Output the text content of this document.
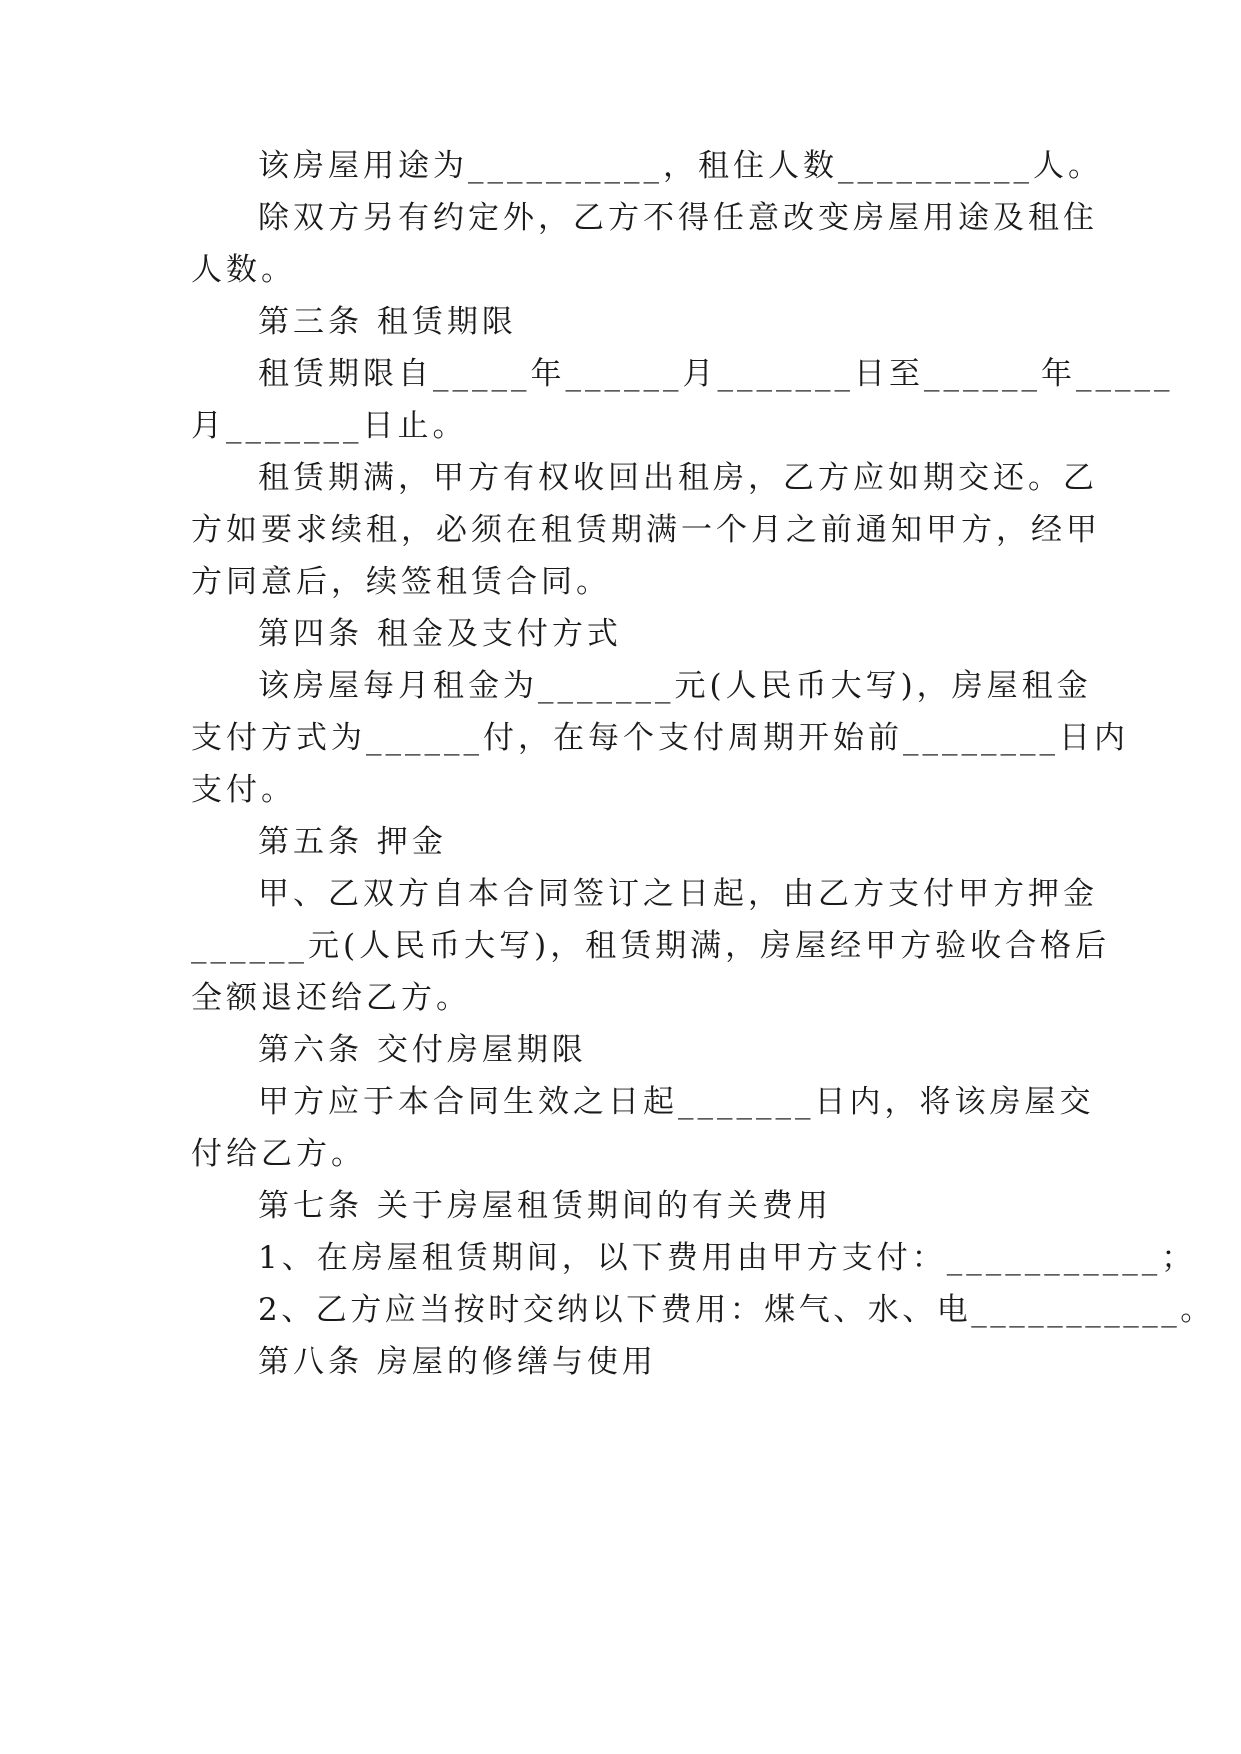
该房屋用途为__________，租住人数__________人。
除双方另有约定外，乙方不得任意改变房屋用途及租住
人数。
第三条 租赁期限
租赁期限自_____年______月_______日至______年_____
月_______日止。
租赁期满，甲方有权收回出租房，乙方应如期交还。乙
方如要求续租，必须在租赁期满一个月之前通知甲方，经甲
方同意后，续签租赁合同。
第四条 租金及支付方式
该房屋每月租金为_______元(人民币大写)，房屋租金
支付方式为______付，在每个支付周期开始前________日内
支付。
第五条 押金
甲、乙双方自本合同签订之日起，由乙方支付甲方押金
______元(人民币大写)，租赁期满，房屋经甲方验收合格后
全额退还给乙方。
第六条 交付房屋期限
甲方应于本合同生效之日起_______日内，将该房屋交
付给乙方。
第七条 关于房屋租赁期间的有关费用
1、在房屋租赁期间，以下费用由甲方支付：___________；
2、乙方应当按时交纳以下费用：煤气、水、电___________。
第八条 房屋的修缮与使用
